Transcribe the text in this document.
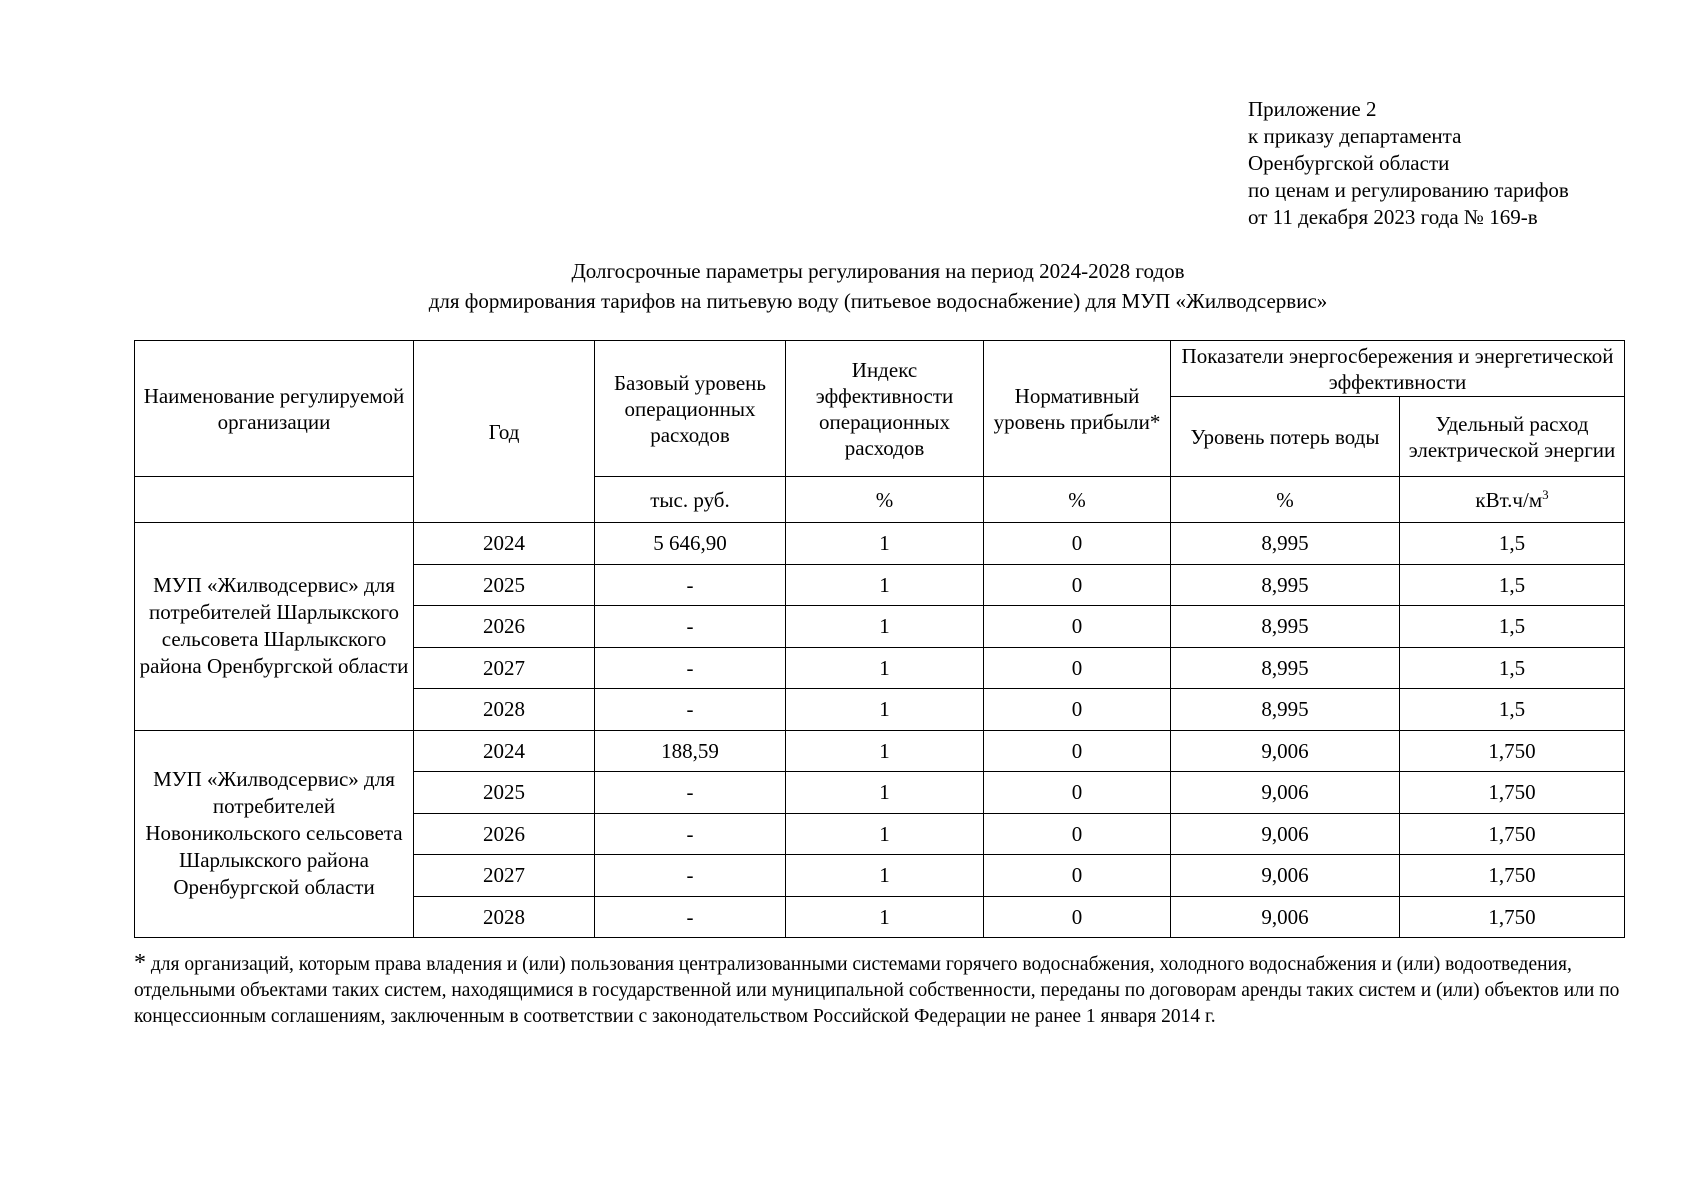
Приложение 2
к приказу департамента
Оренбургской области
по ценам и регулированию тарифов
от 11 декабря 2023 года № 169-в
Долгосрочные параметры регулирования на период 2024-2028 годов
для формирования тарифов на питьевую воду (питьевое водоснабжение) для МУП «Жилводсервис»
Наименование регулируемой организации	Год	Базовый уровень операционных расходов	Индекс эффективности операционных расходов	Нормативный уровень прибыли*	Показатели энергосбережения и энергетической эффективности	
					Уровень потерь воды	Удельный расход электрической энергии
		тыс. руб.	%	%	%	$кВт.ч/м^3$
МУП «Жилводсервис» для потребителей Шарлыкского сельсовета Шарлыкского района Оренбургской области	2024	5 646,90	1	0	8,995	1,5
	2025	-	1	0	8,995	1,5
	2026	-	1	0	8,995	1,5
	2027	-	1	0	8,995	1,5
	2028	-	1	0	8,995	1,5
МУП «Жилводсервис» для потребителей Новоникольского сельсовета Шарлыкского района Оренбургской области	2024	188,59	1	0	9,006	1,750
	2025	-	1	0	9,006	1,750
	2026	-	1	0	9,006	1,750
	2027	-	1	0	9,006	1,750
	2028	-	1	0	9,006	1,750
* для организаций, которым права владения и (или) пользования централизованными системами горячего водоснабжения, холодного водоснабжения и (или) водоотведения, отдельными объектами таких систем, находящимися в государственной или муниципальной собственности, переданы по договорам аренды таких систем и (или) объектов или по концессионным соглашениям, заключенным в соответствии с законодательством Российской Федерации не ранее 1 января 2014 г.
